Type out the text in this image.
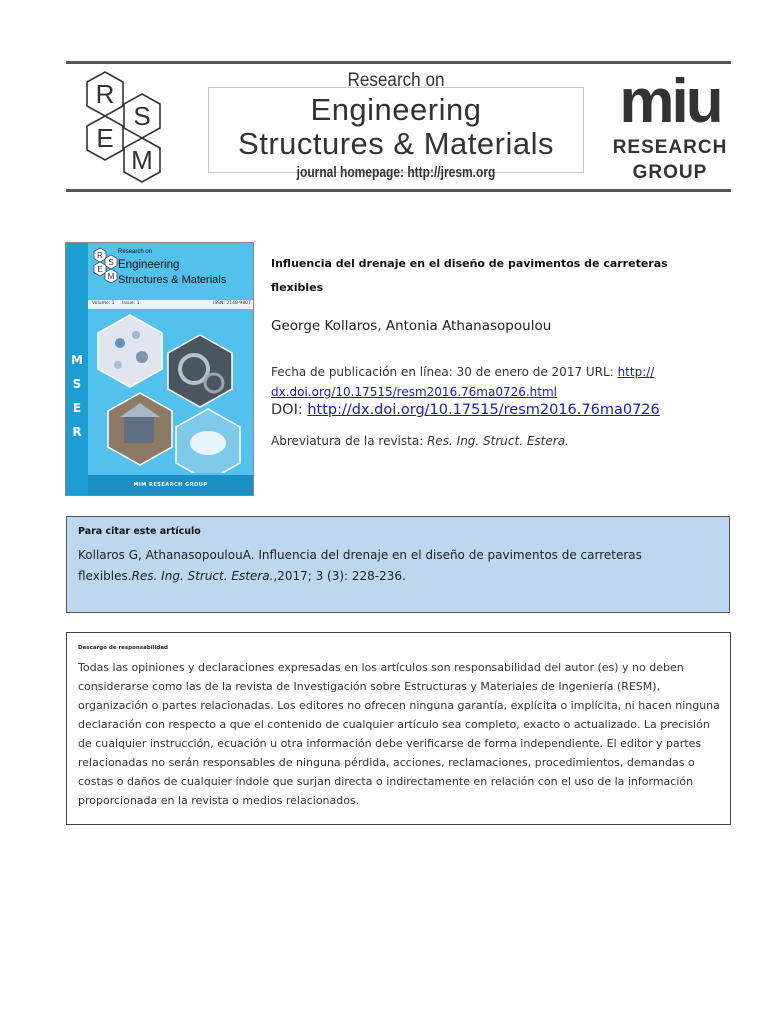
R
S
E
M
Research on
Engineering
Structures & Materials
journal homepage: http://jresm.org
miu
RESEARCH
GROUP
R
S
E
M
Research on
Engineering
Structures & Materials
Volume: 1 Issue: 1	ISSN: 2148-9807
M
S
E
R
MIM RESEARCH GROUP
Influencia del drenaje en el diseño de pavimentos de carreteras
flexibles
George Kollaros, Antonia Athanasopoulou
Fecha de publicación en línea: 30 de enero de 2017 URL: http://
dx.doi.org/10.17515/resm2016.76ma0726.html
DOI: http://dx.doi.org/10.17515/resm2016.76ma0726
Abreviatura de la revista: Res. Ing. Struct. Estera.
Para citar este artículo
Kollaros G, AthanasopoulouA. Influencia del drenaje en el diseño de pavimentos de carreteras flexibles.Res. Ing. Struct. Estera.,2017; 3 (3): 228-236.
Descargo de responsabilidad
Todas las opiniones y declaraciones expresadas en los artículos son responsabilidad del autor (es) y no deben considerarse como las de la revista de Investigación sobre Estructuras y Materiales de Ingeniería (RESM), organización o partes relacionadas. Los editores no ofrecen ninguna garantía, explícita o implícita, ni hacen ninguna declaración con respecto a que el contenido de cualquier artículo sea completo, exacto o actualizado. La precisión de cualquier instrucción, ecuación u otra información debe verificarse de forma independiente. El editor y partes relacionadas no serán responsables de ninguna pérdida, acciones, reclamaciones, procedimientos, demandas o costas o daños de cualquier índole que surjan directa o indirectamente en relación con el uso de la información proporcionada en la revista o medios relacionados.
